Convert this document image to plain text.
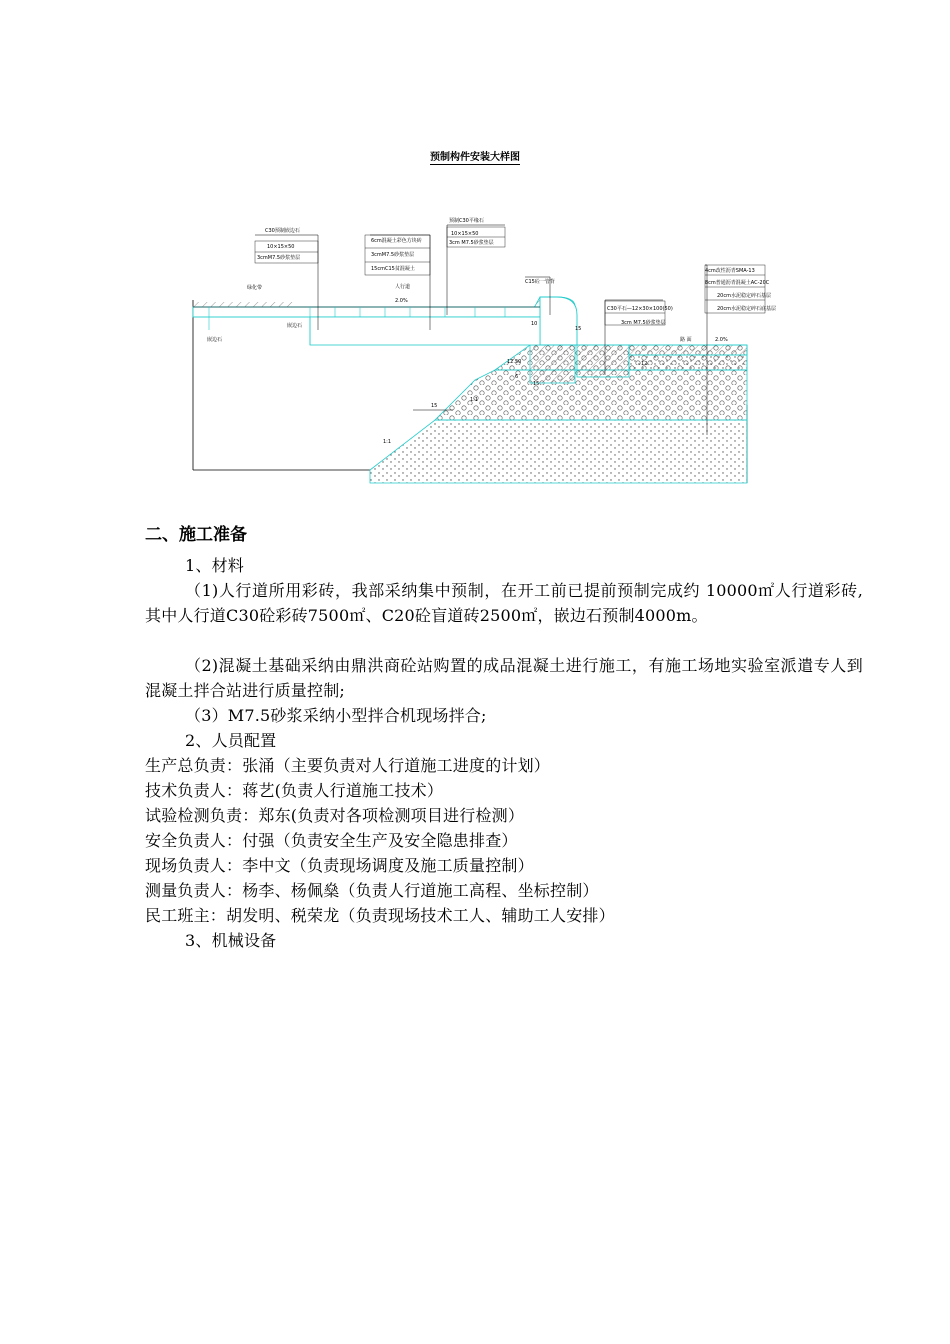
预制构件安装大样图
C30预制嵌边石
10×15×50
3cmM7.5砂浆垫层
绿化带
嵌边石
嵌边石
6cm混凝土彩色方块砖
3cmM7.5砂浆垫层
15cmC15贫混凝土
人行道
2.0%
预制C30平缘石
10×15×50
3cm M7.5砂浆垫层
C15砼一管背
C30平石—12×30×100(50)
3cm M7.5砂浆垫层
4cm改性沥青SMA-13
8cm普通沥青混凝土AC-20C
20cm水泥稳定碎石基层
20cm水泥稳定碎石底基层
路 面	2.0%
15
10
15
12
12.50
15
1:1
1:1
6
二、施工准备
1、材料
（1)人行道所用彩砖，我部采纳集中预制，在开工前已提前预制完成约 10000㎡人行道彩砖,其中人行道C30砼彩砖7500㎡、C20砼盲道砖2500㎡，嵌边石预制4000m。
（2)混凝土基础采纳由鼎洪商砼站购置的成品混凝土进行施工，有施工场地实验室派遣专人到混凝土拌合站进行质量控制;
（3）M7.5砂浆采纳小型拌合机现场拌合;
2、人员配置
生产总负责：张涌（主要负责对人行道施工进度的计划）
技术负责人：蒋艺(负责人行道施工技术）
试验检测负责：郑东(负责对各项检测项目进行检测）
安全负责人：付强（负责安全生产及安全隐患排查）
现场负责人：李中文（负责现场调度及施工质量控制）
测量负责人：杨李、杨佩燊（负责人行道施工高程、坐标控制）
民工班主：胡发明、税荣龙（负责现场技术工人、辅助工人安排）
3、机械设备
